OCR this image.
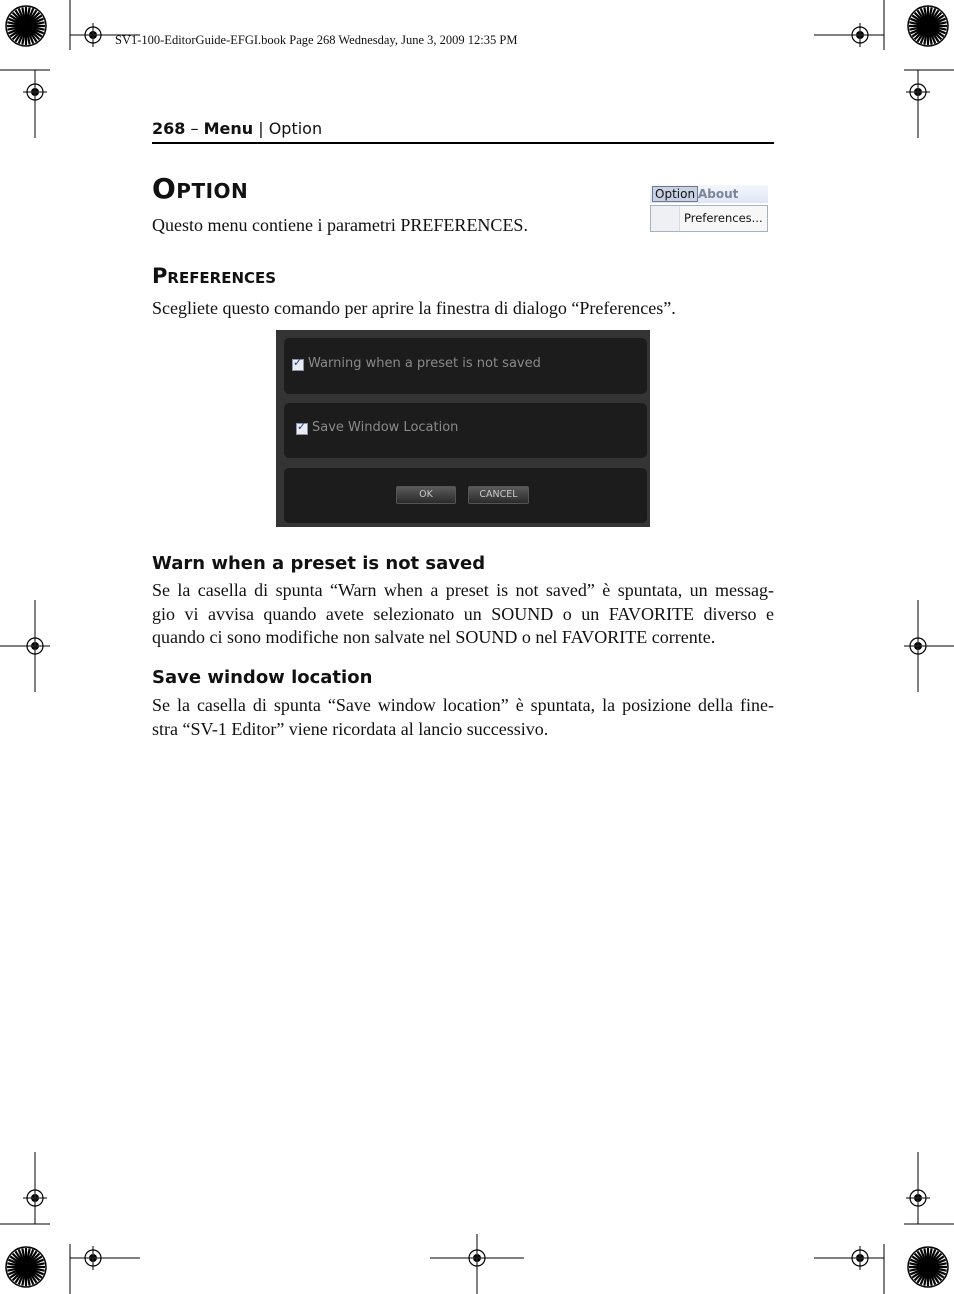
SV1-100-EditorGuide-EFGI.book Page 268 Wednesday, June 3, 2009 12:35 PM
268 – Menu | Option
Option
Questo menu contiene i parametri PREFERENCES.
Option About
Preferences...
Preferences
Scegliete questo comando per aprire la finestra di dialogo “Preferences”.
✓ Warning when a preset is not saved
✓ Save Window Location
OK	CANCEL
Warn when a preset is not saved
Se la casella di spunta “Warn when a preset is not saved” è spuntata, un messag-
gio vi avvisa quando avete selezionato un SOUND o un FAVORITE diverso e
quando ci sono modifiche non salvate nel SOUND o nel FAVORITE corrente.
Save window location
Se la casella di spunta “Save window location” è spuntata, la posizione della fine-
stra “SV-1 Editor” viene ricordata al lancio successivo.
